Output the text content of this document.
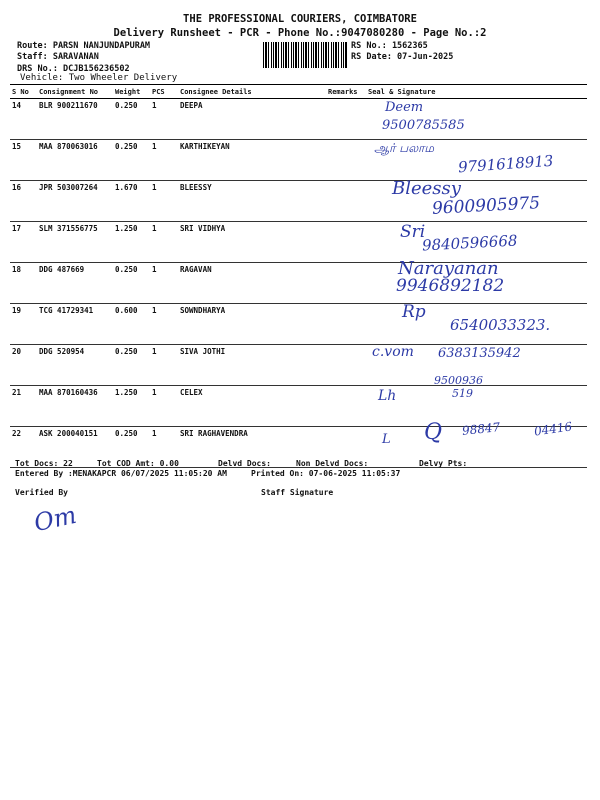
THE PROFESSIONAL COURIERS, COIMBATORE
Delivery Runsheet - PCR - Phone No.:9047080280 - Page No.:2
Route: PARSN NANJUNDAPURAM
Staff: SARAVANAN
DRS No.: DCJB156236502
RS No.: 1562365
RS Date: 07-Jun-2025
Vehicle: Two Wheeler Delivery
S No	Consignment No	Weight	PCS	Consignee Details	Remarks	Seal & Signature
14	BLR 900211670	0.250	1	DEEPA		
15	MAA 870063016	0.250	1	KARTHIKEYAN		
16	JPR 503007264	1.670	1	BLEESSY		
17	SLM 371556775	1.250	1	SRI VIDHYA		
18	DDG 487669	0.250	1	RAGAVAN		
19	TCG 41729341	0.600	1	SOWNDHARYA		
20	DDG 520954	0.250	1	SIVA JOTHI		
21	MAA 870160436	1.250	1	CELEX		
22	ASK 200040151	0.250	1	SRI RAGHAVENDRA		
Deem
9500785585
ஆர் பலாம
9791618913
Bleessy
9600905975
Sri
9840596668
Narayanan
9946892182
Rp
6540033323.
c.vom 6383135942
Lh
9500936
519
L Q 98847	04416
Tot Docs: 22	Tot COD Amt: 0.00	Delvd Docs:	Non Delvd Docs:	Delvy Pts:
Entered By :MENAKAPCR 06/07/2025 11:05:20 AM	Printed On: 07-06-2025 11:05:37
Verified By	Staff Signature
Om
